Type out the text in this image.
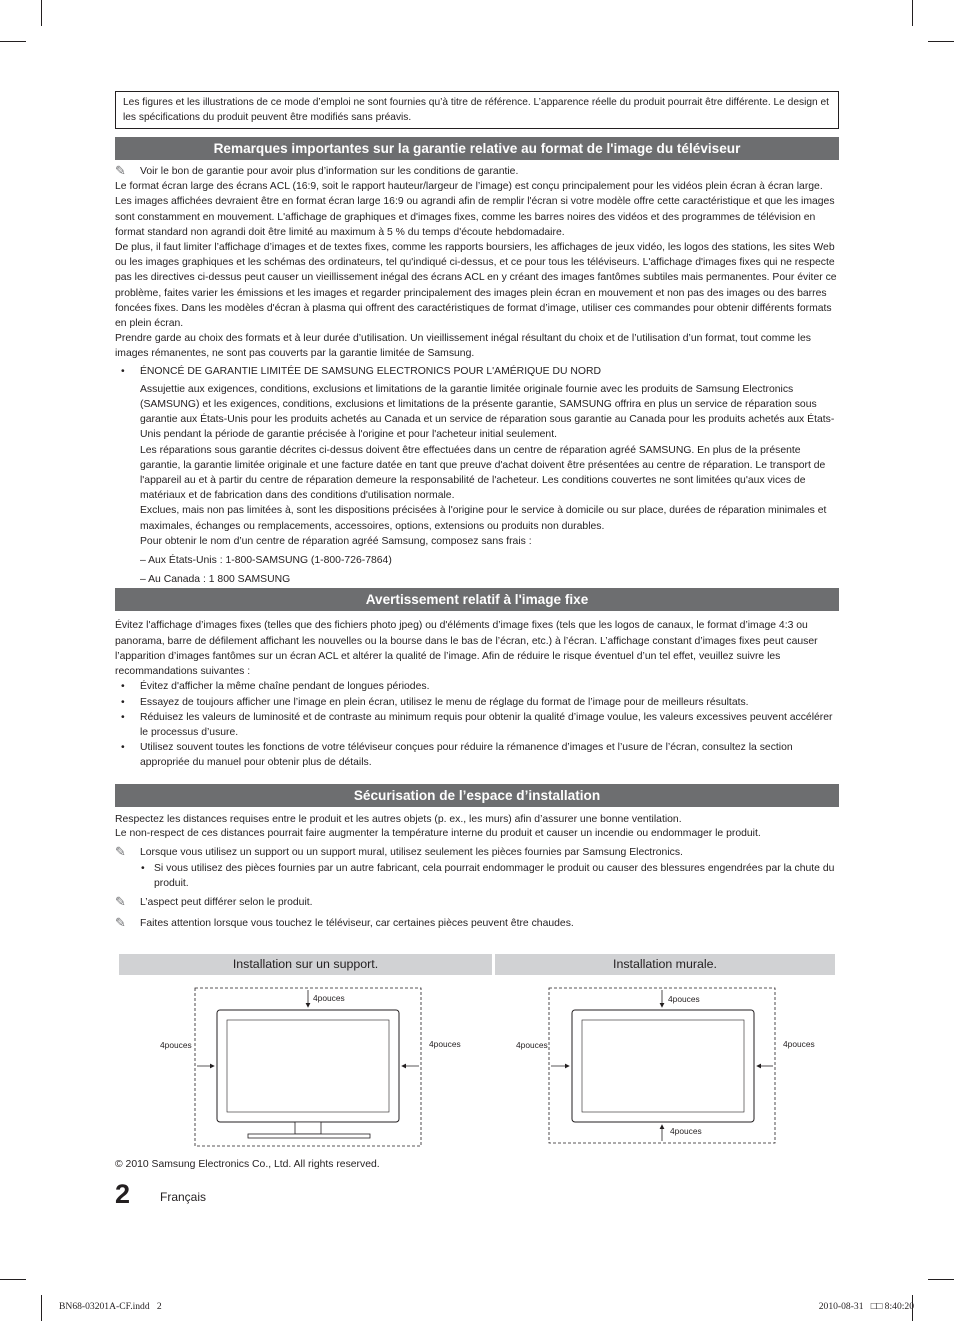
Les figures et les illustrations de ce mode d’emploi ne sont fournies qu’à titre de référence. L’apparence réelle du produit pourrait être différente. Le design et les spécifications du produit peuvent être modifiés sans préavis.
Remarques importantes sur la garantie relative au format de l'image du téléviseur
✎ Voir le bon de garantie pour avoir plus d’information sur les conditions de garantie.

Le format écran large des écrans ACL (16:9, soit le rapport hauteur/largeur de l’image) est conçu principalement pour les vidéos plein écran à écran large. Les images affichées devraient être en format écran large 16:9 ou agrandi afin de remplir l'écran si votre modèle offre cette caractéristique et que les images sont constamment en mouvement. L'affichage de graphiques et d'images fixes, comme les barres noires des vidéos et des programmes de télévision en format standard non agrandi doit être limité au maximum à 5 % du temps d'écoute hebdomadaire.

De plus, il faut limiter l’affichage d’images et de textes fixes, comme les rapports boursiers, les affichages de jeux vidéo, les logos des stations, les sites Web ou les images graphiques et les schémas des ordinateurs, tel qu'indiqué ci-dessus, et ce pour tous les téléviseurs. L'affichage d'images fixes qui ne respecte pas les directives ci-dessus peut causer un vieillissement inégal des écrans ACL en y créant des images fantômes subtiles mais permanentes. Pour éviter ce problème, faites varier les émissions et les images et regarder principalement des images plein écran en mouvement et non pas des images ou des barres foncées fixes. Dans les modèles d'écran à plasma qui offrent des caractéristiques de format d’image, utiliser ces commandes pour obtenir différents formats en plein écran.

Prendre garde au choix des formats et à leur durée d’utilisation. Un vieillissement inégal résultant du choix et de l’utilisation d’un format, tout comme les images rémanentes, ne sont pas couverts par la garantie limitée de Samsung.

• ÉNONCÉ DE GARANTIE LIMITÉE DE SAMSUNG ELECTRONICS POUR L'AMÉRIQUE DU NORD

Assujettie aux exigences, conditions, exclusions et limitations de la garantie limitée originale fournie avec les produits de Samsung Electronics (SAMSUNG) et les exigences, conditions, exclusions et limitations de la présente garantie, SAMSUNG offrira en plus un service de réparation sous garantie aux États-Unis pour les produits achetés au Canada et un service de réparation sous garantie au Canada pour les produits achetés aux États-Unis pendant la période de garantie précisée à l'origine et pour l'acheteur initial seulement.

Les réparations sous garantie décrites ci-dessus doivent être effectuées dans un centre de réparation agréé SAMSUNG. En plus de la présente garantie, la garantie limitée originale et une facture datée en tant que preuve d'achat doivent être présentées au centre de réparation. Le transport de l'appareil au et à partir du centre de réparation demeure la responsabilité de l'acheteur. Les conditions couvertes ne sont limitées qu'aux vices de matériaux et de fabrication dans des conditions d'utilisation normale.

Exclues, mais non pas limitées à, sont les dispositions précisées à l'origine pour le service à domicile ou sur place, durées de réparation minimales et maximales, échanges ou remplacements, accessoires, options, extensions ou produits non durables.

Pour obtenir le nom d’un centre de réparation agréé Samsung, composez sans frais :

– Aux États-Unis : 1-800-SAMSUNG (1-800-726-7864)

– Au Canada : 1 800 SAMSUNG

Avertissement relatif à l'image fixe

Évitez l'affichage d’images fixes (telles que des fichiers photo jpeg) ou d'éléments d’image fixes (tels que les logos de canaux, le format d’image 4:3 ou panorama, barre de défilement affichant les nouvelles ou la bourse dans le bas de l’écran, etc.) à l’écran. L’affichage constant d’images fixes peut causer l’apparition d’images fantômes sur un écran ACL et altérer la qualité de l’image. Afin de réduire le risque éventuel d’un tel effet, veuillez suivre les recommandations suivantes :

• Évitez d'afficher la même chaîne pendant de longues périodes.
• Essayez de toujours afficher une l’image en plein écran, utilisez le menu de réglage du format de l’image pour de meilleurs résultats.
• Réduisez les valeurs de luminosité et de contraste au minimum requis pour obtenir la qualité d’image voulue, les valeurs excessives peuvent accélérer le processus d’usure.
• Utilisez souvent toutes les fonctions de votre téléviseur conçues pour réduire la rémanence d’images et l’usure de l’écran, consultez la section appropriée du manuel pour obtenir plus de détails.
Sécurisation de l’espace d’installation

Respectez les distances requises entre le produit et les autres objets (p. ex., les murs) afin d’assurer une bonne ventilation.

Le non-respect de ces distances pourrait faire augmenter la température interne du produit et causer un incendie ou endommager le produit.

✎ Lorsque vous utilisez un support ou un support mural, utilisez seulement les pièces fournies par Samsung Electronics.
• Si vous utilisez des pièces fournies par un autre fabricant, cela pourrait endommager le produit ou causer des blessures engendrées par la chute du produit.
✎ L’aspect peut différer selon le produit.
✎ Faites attention lorsque vous touchez le téléviseur, car certaines pièces peuvent être chaudes.
Installation sur un support.	Installation murale.
4pouces
4pouces	4pouces
4pouces
4pouces	4pouces
4pouces
© 2010 Samsung Electronics Co., Ltd. All rights reserved.
2 Français
BN68-03201A-CF.indd   2	2010-08-31   □□ 8:40:20
